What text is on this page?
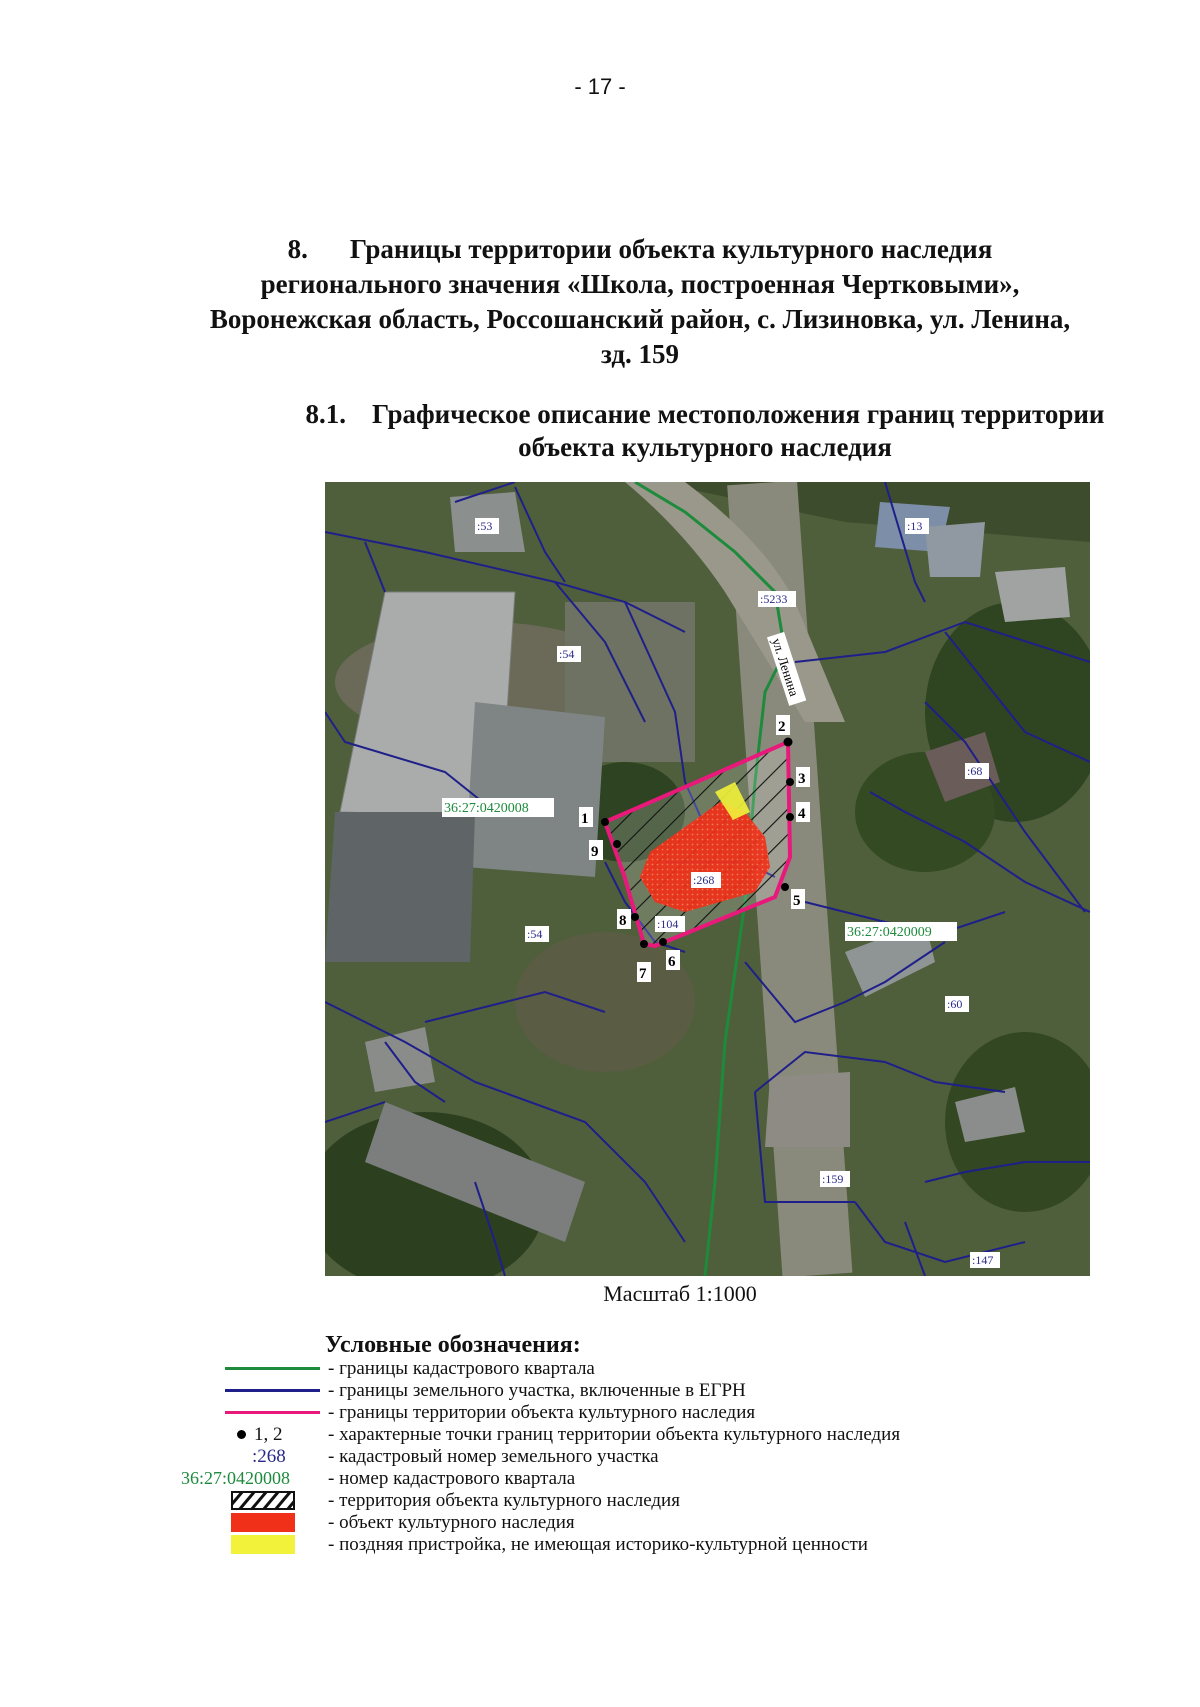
- 17 -
8. Границы территории объекта культурного наследия
регионального значения «Школа, построенная Чертковыми»,
Воронежская область, Россошанский район, с. Лизиновка, ул. Ленина,
зд. 159
8.1. Графическое описание местоположения границ территории
объекта культурного наследия
1
2
3
4
5
6
7
8
9
:53	:13
:5233
:54
:54
:68
:268
:104
:60
:159
:147
36:27:0420008
36:27:0420009
ул. Ленина
Масштаб 1:1000
Условные обозначения:
- границы кадастрового квартала
- границы земельного участка, включенные в ЕГРН
- границы территории объекта культурного наследия
1, 2 - характерные точки границ территории объекта культурного наследия
:268 - кадастровый номер земельного участка
36:27:0420008 - номер кадастрового квартала
- территория объекта культурного наследия
- объект культурного наследия
- поздняя пристройка, не имеющая историко-культурной ценности
